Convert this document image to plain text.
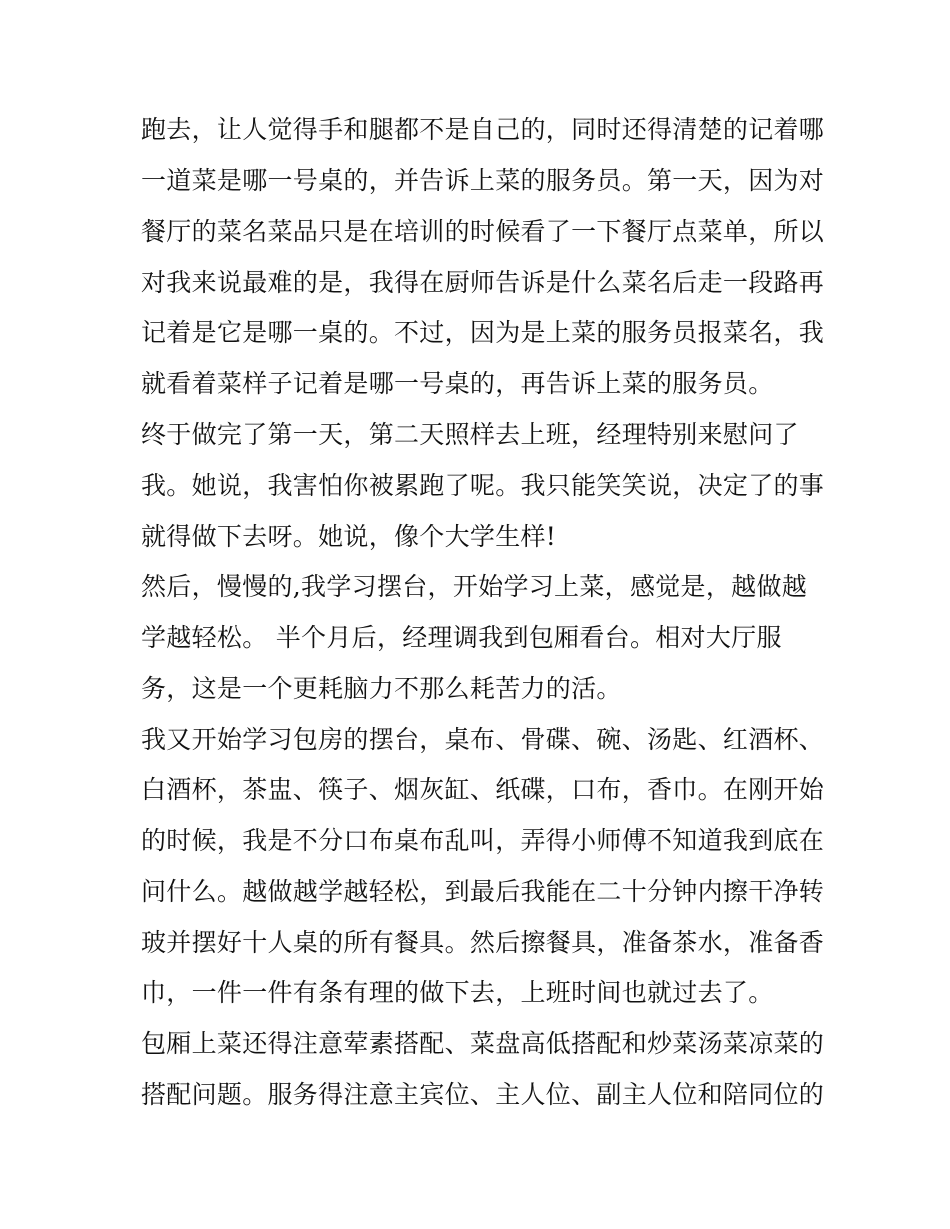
跑去，让人觉得手和腿都不是自己的，同时还得清楚的记着哪
一道菜是哪一号桌的，并告诉上菜的服务员。第一天，因为对
餐厅的菜名菜品只是在培训的时候看了一下餐厅点菜单，所以
对我来说最难的是，我得在厨师告诉是什么菜名后走一段路再
记着是它是哪一桌的。不过，因为是上菜的服务员报菜名，我
就看着菜样子记着是哪一号桌的，再告诉上菜的服务员。
终于做完了第一天，第二天照样去上班，经理特别来慰问了
我。她说，我害怕你被累跑了呢。我只能笑笑说，决定了的事
就得做下去呀。她说，像个大学生样!
然后，慢慢的,我学习摆台，开始学习上菜，感觉是，越做越
学越轻松。 半个月后，经理调我到包厢看台。相对大厅服
务，这是一个更耗脑力不那么耗苦力的活。
我又开始学习包房的摆台，桌布、骨碟、碗、汤匙、红酒杯、
白酒杯，茶盅、筷子、烟灰缸、纸碟，口布，香巾。在刚开始
的时候，我是不分口布桌布乱叫，弄得小师傅不知道我到底在
问什么。越做越学越轻松，到最后我能在二十分钟内擦干净转
玻并摆好十人桌的所有餐具。然后擦餐具，准备茶水，准备香
巾，一件一件有条有理的做下去，上班时间也就过去了。
包厢上菜还得注意荤素搭配、菜盘高低搭配和炒菜汤菜凉菜的
搭配问题。服务得注意主宾位、主人位、副主人位和陪同位的
